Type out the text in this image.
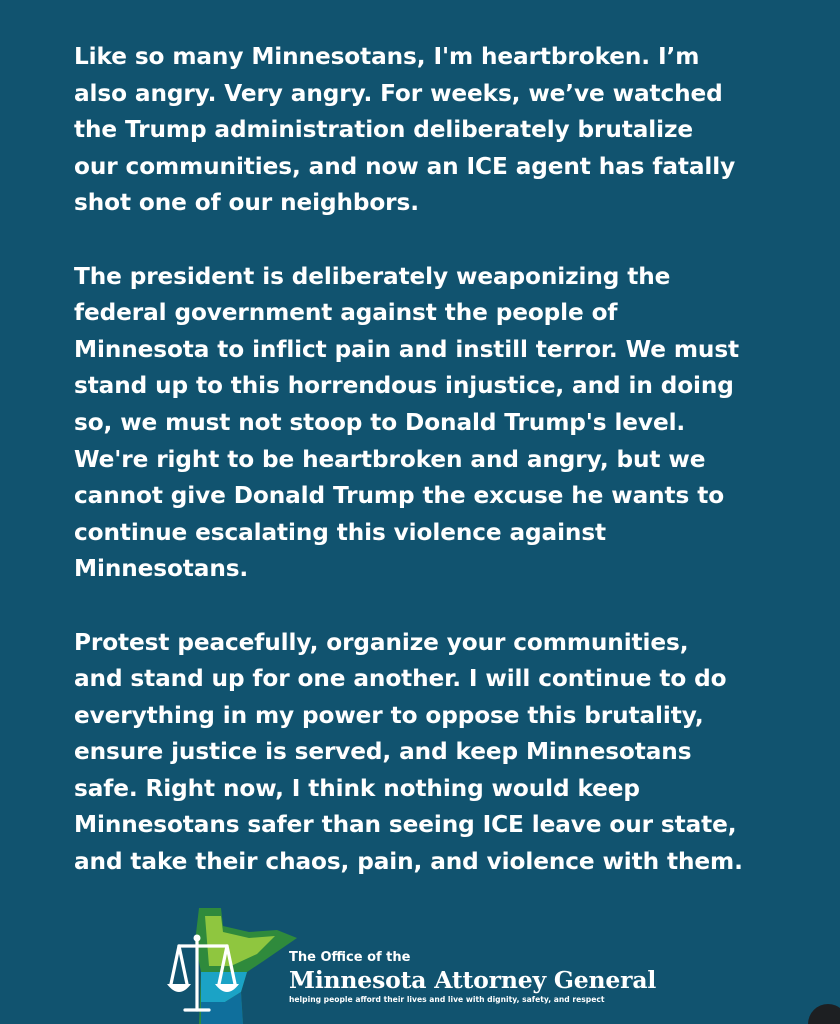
Like so many Minnesotans, I'm heartbroken. I’m
also angry. Very angry. For weeks, we’ve watched
the Trump administration deliberately brutalize
our communities, and now an ICE agent has fatally
shot one of our neighbors.

The president is deliberately weaponizing the
federal government against the people of
Minnesota to inflict pain and instill terror. We must
stand up to this horrendous injustice, and in doing
so, we must not stoop to Donald Trump's level.
We're right to be heartbroken and angry, but we
cannot give Donald Trump the excuse he wants to
continue escalating this violence against
Minnesotans.

Protest peacefully, organize your communities,
and stand up for one another. I will continue to do
everything in my power to oppose this brutality,
ensure justice is served, and keep Minnesotans
safe. Right now, I think nothing would keep
Minnesotans safer than seeing ICE leave our state,
and take their chaos, pain, and violence with them.

The Office of the
Minnesota Attorney General
helping people afford their lives and live with dignity, safety, and respect
